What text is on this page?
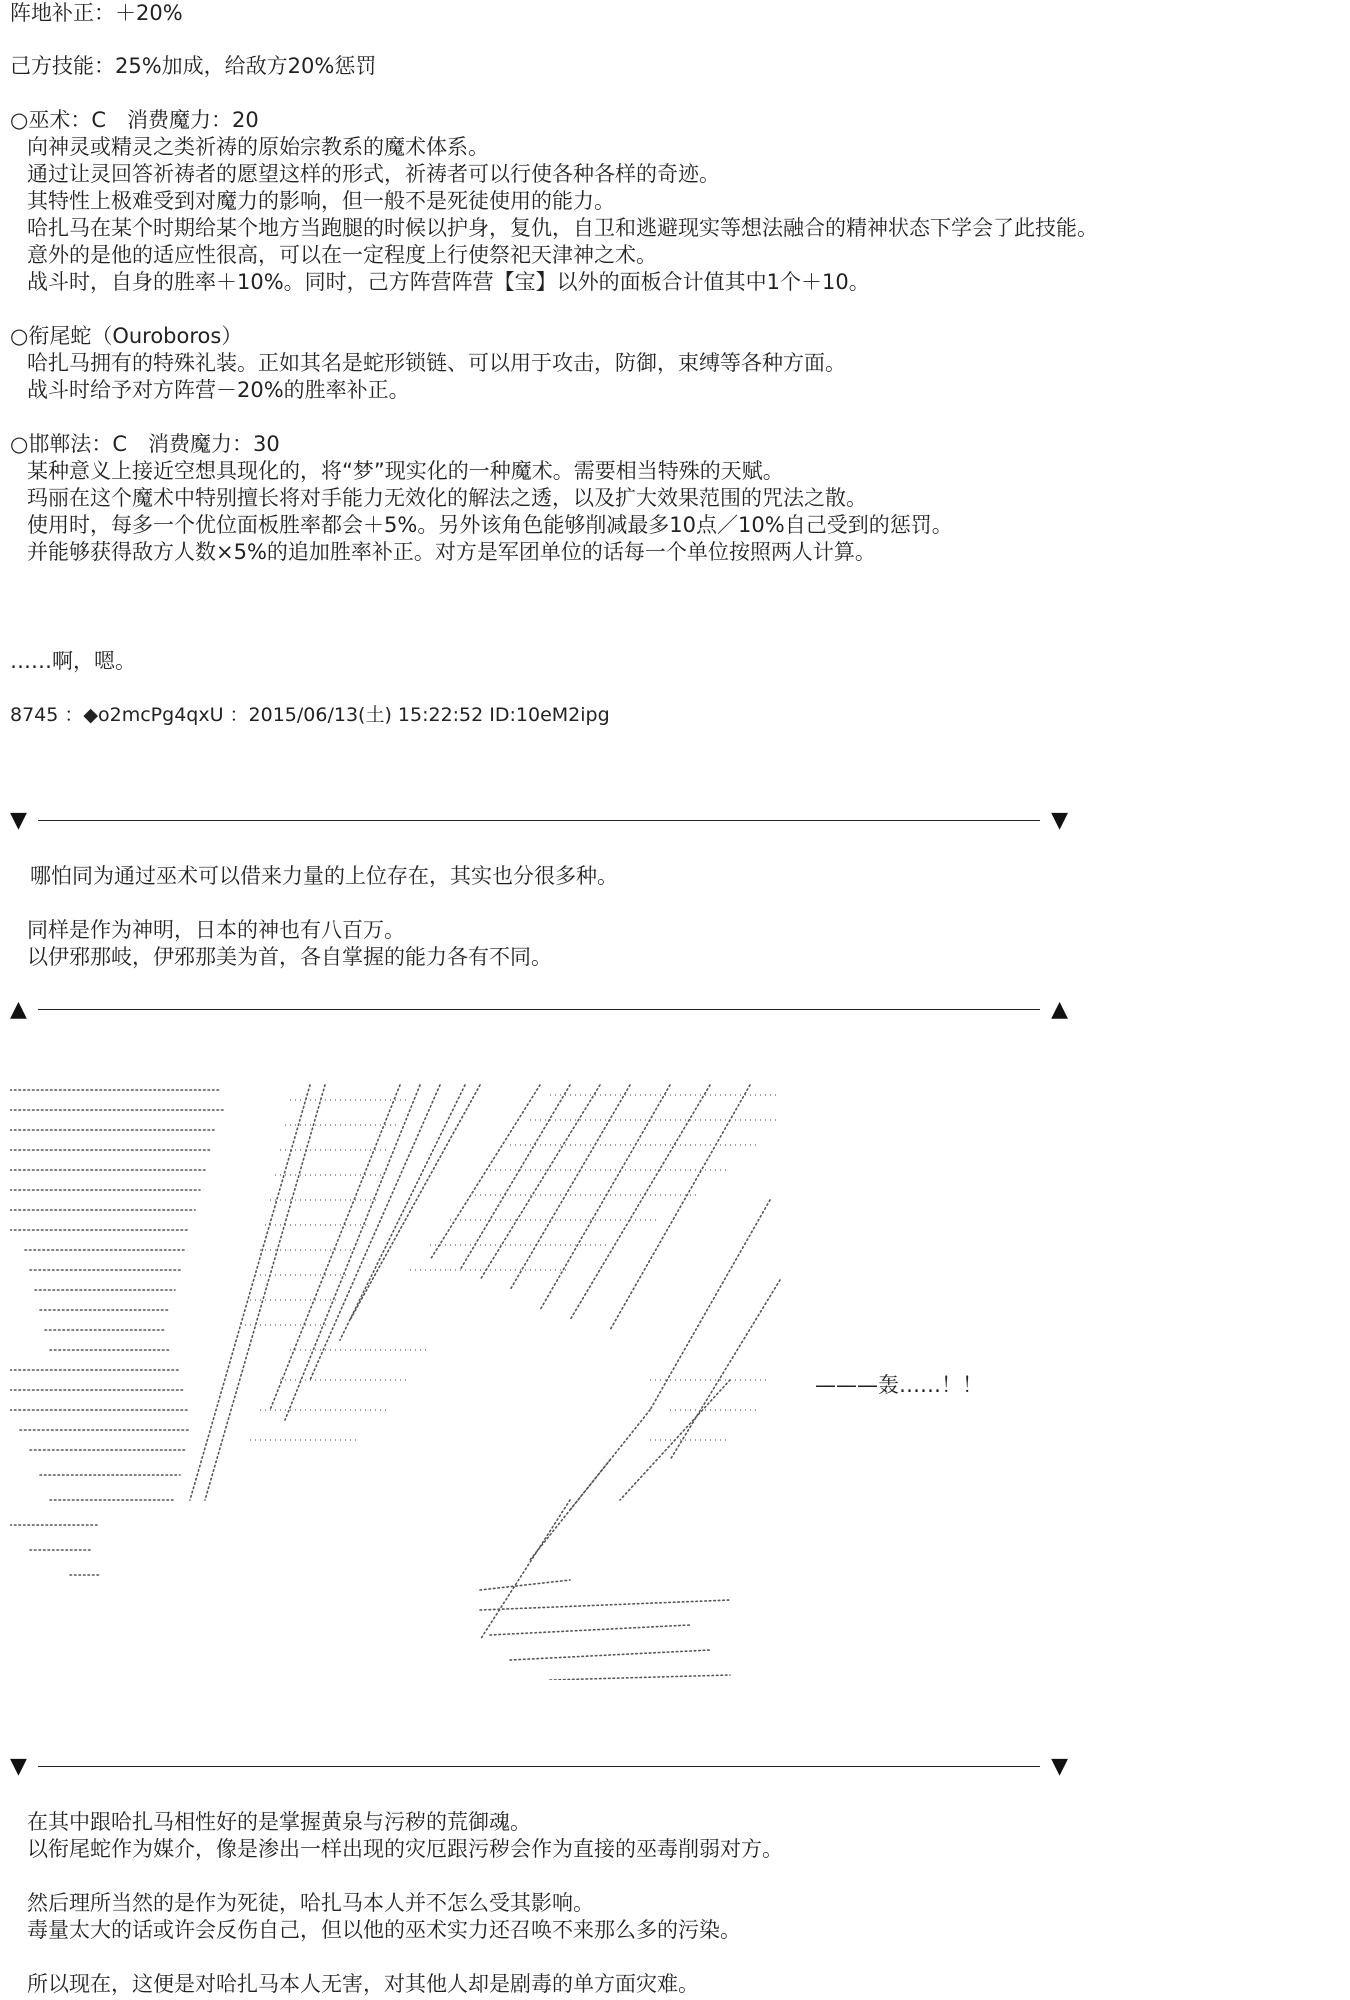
阵地补正：＋20%
己方技能：25%加成，给敌方20%惩罚
○巫术：C　消费魔力：20
向神灵或精灵之类祈祷的原始宗教系的魔术体系。
通过让灵回答祈祷者的愿望这样的形式，祈祷者可以行使各种各样的奇迹。
其特性上极难受到对魔力的影响，但一般不是死徒使用的能力。
哈扎马在某个时期给某个地方当跑腿的时候以护身，复仇，自卫和逃避现实等想法融合的精神状态下学会了此技能。
意外的是他的适应性很高，可以在一定程度上行使祭祀天津神之术。
战斗时，自身的胜率＋10%。同时，己方阵营阵营【宝】以外的面板合计值其中1个＋10。
○衔尾蛇（Ouroboros）
哈扎马拥有的特殊礼装。正如其名是蛇形锁链、可以用于攻击，防御，束缚等各种方面。
战斗时给予对方阵营－20%的胜率补正。
○邯郸法：C　消费魔力：30
某种意义上接近空想具现化的，将“梦”现实化的一种魔术。需要相当特殊的天赋。
玛丽在这个魔术中特别擅长将对手能力无效化的解法之透，以及扩大效果范围的咒法之散。
使用时，每多一个优位面板胜率都会＋5%。另外该角色能够削减最多10点／10%自己受到的惩罚。
并能够获得敌方人数×5%的追加胜率补正。对方是军团单位的话每一个单位按照两人计算。
……啊，嗯。
8745 ：◆o2mcPg4qxU ：2015/06/13(土) 15:22:52 ID:10eM2ipg
▼	▼
哪怕同为通过巫术可以借来力量的上位存在，其实也分很多种。
同样是作为神明，日本的神也有八百万。
以伊邪那岐，伊邪那美为首，各自掌握的能力各有不同。
▲	▲
———轰……！！
▼	▼
在其中跟哈扎马相性好的是掌握黄泉与污秽的荒御魂。
以衔尾蛇作为媒介，像是渗出一样出现的灾厄跟污秽会作为直接的巫毒削弱对方。
然后理所当然的是作为死徒，哈扎马本人并不怎么受其影响。
毒量太大的话或许会反伤自己，但以他的巫术实力还召唤不来那么多的污染。
所以现在，这便是对哈扎马本人无害，对其他人却是剧毒的单方面灾难。
